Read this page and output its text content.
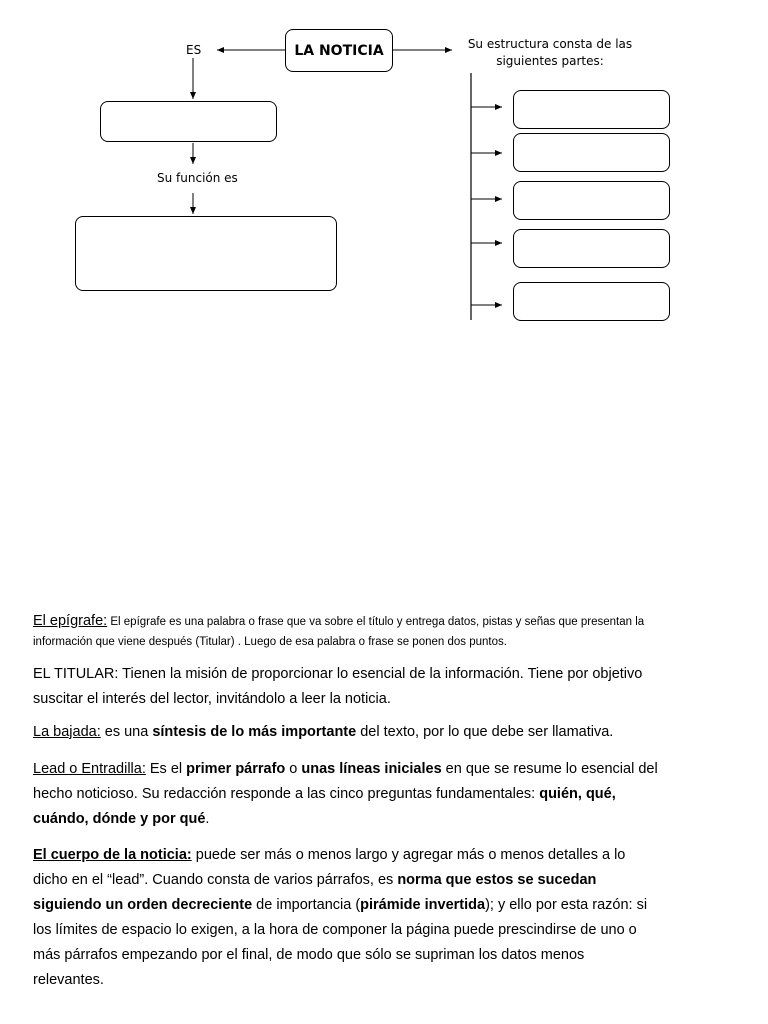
LA NOTICIA
ES	Su estructura consta de las
siguientes partes:
Su función es
El epígrafe: El epígrafe es una palabra o frase que va sobre el título y entrega datos, pistas y señas que presentan la
información que viene después (Titular) . Luego de esa palabra o frase se ponen dos puntos.
EL TITULAR: Tienen la misión de proporcionar lo esencial de la información. Tiene por objetivo
suscitar el interés del lector, invitándolo a leer la noticia.
La bajada: es una síntesis de lo más importante del texto, por lo que debe ser llamativa.
Lead o Entradilla: Es el primer párrafo o unas líneas iniciales en que se resume lo esencial del
hecho noticioso. Su redacción responde a las cinco preguntas fundamentales: quién, qué,
cuándo, dónde y por qué.
El cuerpo de la noticia: puede ser más o menos largo y agregar más o menos detalles a lo
dicho en el “lead”. Cuando consta de varios párrafos, es norma que estos se sucedan
siguiendo un orden decreciente de importancia (pirámide invertida); y ello por esta razón: si
los límites de espacio lo exigen, a la hora de componer la página puede prescindirse de uno o
más párrafos empezando por el final, de modo que sólo se supriman los datos menos
relevantes.
